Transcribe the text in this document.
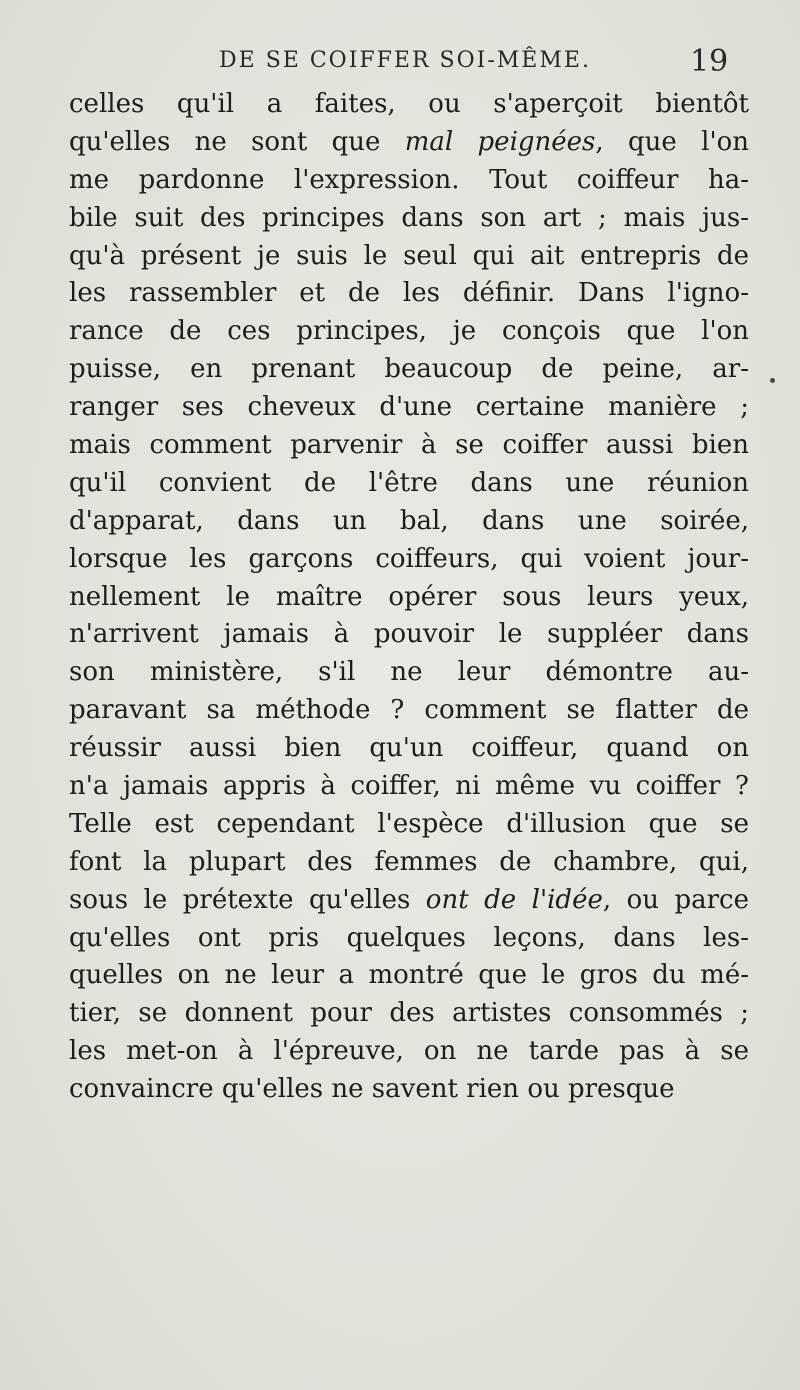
DE SE COIFFER SOI-MÊME.	19
celles qu'il a faites, ou s'aperçoit bientôt
qu'elles ne sont que mal peignées, que l'on
me pardonne l'expression. Tout coiffeur ha-
bile suit des principes dans son art ; mais jus-
qu'à présent je suis le seul qui ait entrepris de
les rassembler et de les définir. Dans l'igno-
rance de ces principes, je conçois que l'on
puisse, en prenant beaucoup de peine, ar-
ranger ses cheveux d'une certaine manière ;
mais comment parvenir à se coiffer aussi bien
qu'il convient de l'être dans une réunion
d'apparat, dans un bal, dans une soirée,
lorsque les garçons coiffeurs, qui voient jour-
nellement le maître opérer sous leurs yeux,
n'arrivent jamais à pouvoir le suppléer dans
son ministère, s'il ne leur démontre au-
paravant sa méthode ? comment se flatter de
réussir aussi bien qu'un coiffeur, quand on
n'a jamais appris à coiffer, ni même vu coiffer ?
Telle est cependant l'espèce d'illusion que se
font la plupart des femmes de chambre, qui,
sous le prétexte qu'elles ont de l'idée, ou parce
qu'elles ont pris quelques leçons, dans les-
quelles on ne leur a montré que le gros du mé-
tier, se donnent pour des artistes consommés ;
les met-on à l'épreuve, on ne tarde pas à se
convaincre qu'elles ne savent rien ou presque
